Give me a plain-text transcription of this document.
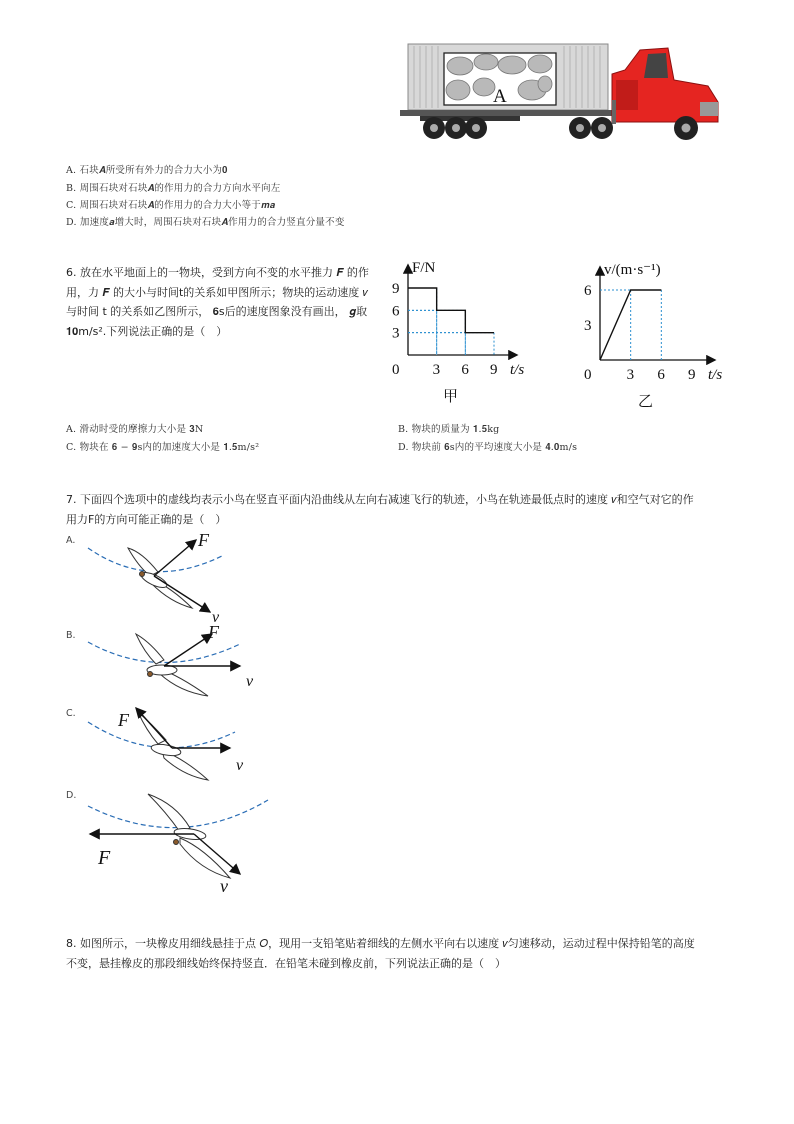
A
A. 石块𝑨所受所有外力的合力大小为𝟎
B. 周围石块对石块𝑨的作用力的合力方向水平向左
C. 周围石块对石块𝑨的作用力的合力大小等于𝒎𝒂
D. 加速度𝒂增大时，周围石块对石块𝑨作用力的合力竖直分量不变
6. 放在水平地面上的一物块，受到方向不变的水平推力 𝑭 的作
用，力 𝑭 的大小与时间t的关系如甲图所示；物块的运动速度 𝑣
与时间 t 的关系如乙图所示， 𝟔s后的速度图象没有画出， 𝒈取
𝟏𝟎m/s².下列说法正确的是（　）
0 3 6 9
3
6
9
t/s
F/N
甲
0 3 6 9
3
6
t/s
v/(m·s⁻¹)
乙
A. 滑动时受的摩擦力大小是 𝟑N	B. 物块的质量为 𝟏.𝟓kg
C. 物块在 𝟔 − 𝟗s内的加速度大小是 𝟏.𝟓m/s²	D. 物块前 𝟔s内的平均速度大小是 𝟒.𝟎m/s
7. 下面四个选项中的虚线均表示小鸟在竖直平面内沿曲线从左向右减速飞行的轨迹，小鸟在轨迹最低点时的速度 𝑣和空气对它的作
用力F的方向可能正确的是（　）
A.
B.
C.
D.
F
v
F
v
F
v
F
v
8. 如图所示，一块橡皮用细线悬挂于点 𝑂，现用一支铅笔贴着细线的左侧水平向右以速度 𝑣匀速移动，运动过程中保持铅笔的高度
不变，悬挂橡皮的那段细线始终保持竖直．在铅笔未碰到橡皮前，下列说法正确的是（　）
